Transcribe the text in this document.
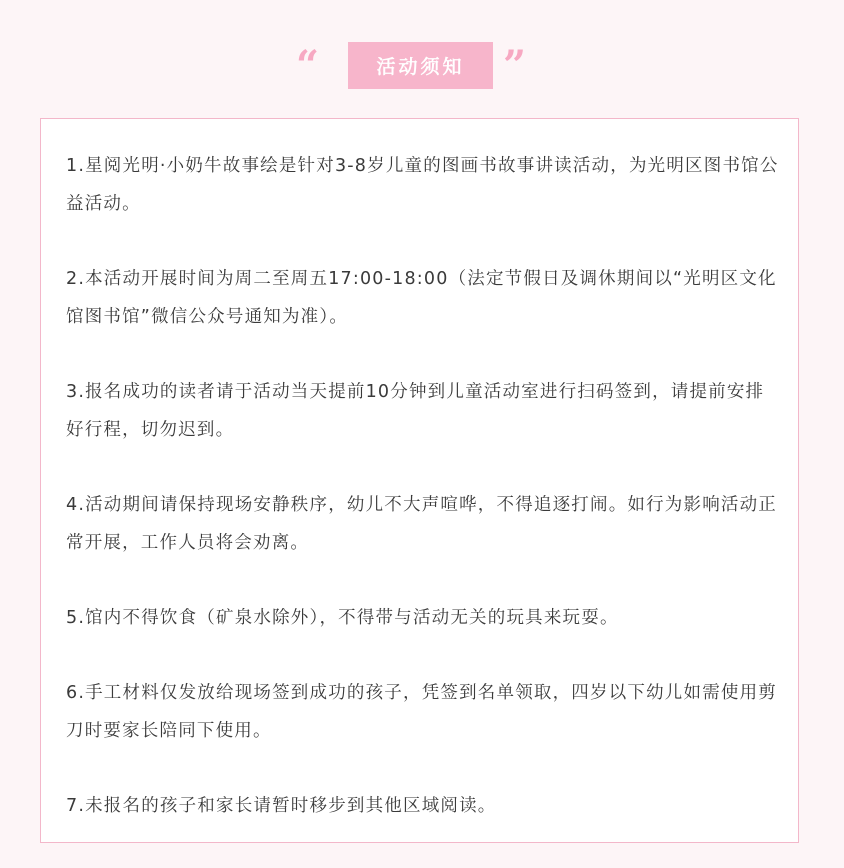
“	活动须知 ”
1.星阅光明·小奶牛故事绘是针对3-8岁儿童的图画书故事讲读活动，为光明区图书馆公益活动。
2.本活动开展时间为周二至周五17:00-18:00（法定节假日及调休期间以“光明区文化馆图书馆”微信公众号通知为准）。
3.报名成功的读者请于活动当天提前10分钟到儿童活动室进行扫码签到，请提前安排好行程，切勿迟到。
4.活动期间请保持现场安静秩序，幼儿不大声喧哗，不得追逐打闹。如行为影响活动正常开展，工作人员将会劝离。
5.馆内不得饮食（矿泉水除外），不得带与活动无关的玩具来玩耍。
6.手工材料仅发放给现场签到成功的孩子，凭签到名单领取，四岁以下幼儿如需使用剪刀时要家长陪同下使用。
7.未报名的孩子和家长请暂时移步到其他区域阅读。
